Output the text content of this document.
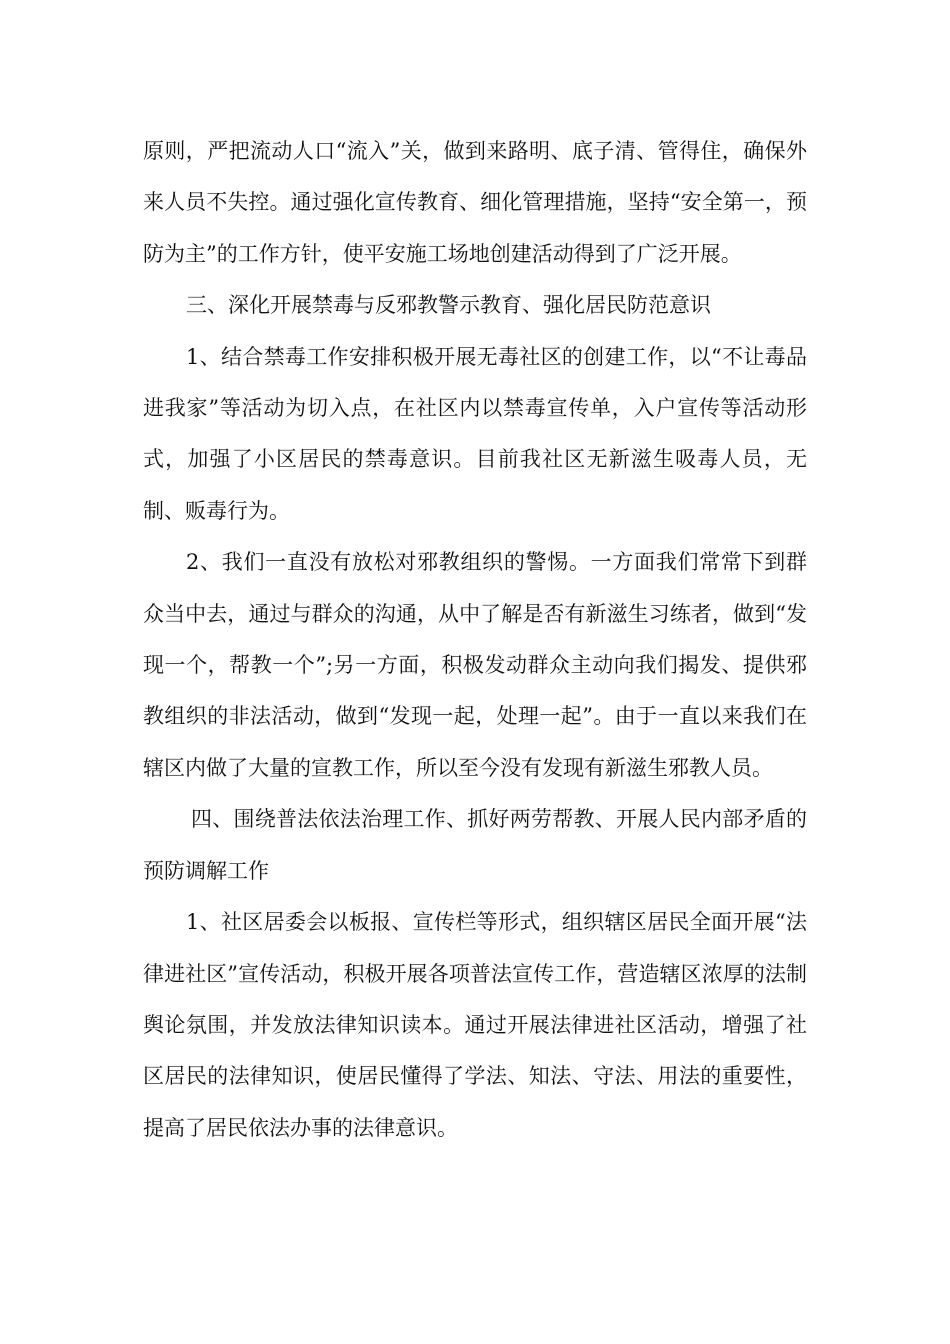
原则，严把流动人口“流入”关，做到来路明、底子清、管得住，确保外来人员不失控。通过强化宣传教育、细化管理措施，坚持“安全第一，预防为主”的工作方针，使平安施工场地创建活动得到了广泛开展。

三、深化开展禁毒与反邪教警示教育、强化居民防范意识

1、结合禁毒工作安排积极开展无毒社区的创建工作，以“不让毒品进我家”等活动为切入点，在社区内以禁毒宣传单，入户宣传等活动形式，加强了小区居民的禁毒意识。目前我社区无新滋生吸毒人员，无制、贩毒行为。

2、我们一直没有放松对邪教组织的警惕。一方面我们常常下到群众当中去，通过与群众的沟通，从中了解是否有新滋生习练者，做到“发现一个，帮教一个”;另一方面，积极发动群众主动向我们揭发、提供邪教组织的非法活动，做到“发现一起，处理一起”。由于一直以来我们在辖区内做了大量的宣教工作，所以至今没有发现有新滋生邪教人员。

四、围绕普法依法治理工作、抓好两劳帮教、开展人民内部矛盾的预防调解工作

1、社区居委会以板报、宣传栏等形式，组织辖区居民全面开展“法律进社区”宣传活动，积极开展各项普法宣传工作，营造辖区浓厚的法制舆论氛围，并发放法律知识读本。通过开展法律进社区活动，增强了社区居民的法律知识，使居民懂得了学法、知法、守法、用法的重要性，提高了居民依法办事的法律意识。
